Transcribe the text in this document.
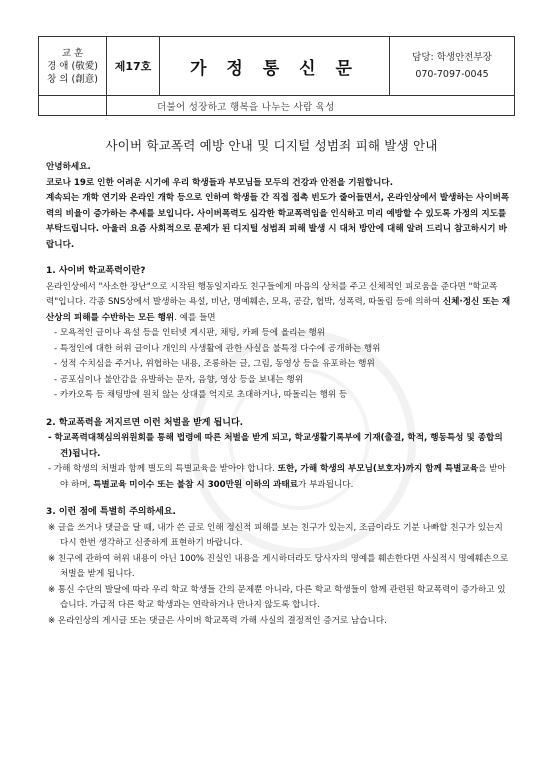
교 훈
경 애 (敬愛)
창 의 (創意)
제17호	가 정 통 신 문
담당: 학생안전부장
070-7097-0045
더불어 성장하고 행복을 나누는 사람 육성
사이버 학교폭력 예방 안내 및 디지털 성범죄 피해 발생 안내

안녕하세요.

코로나 19로 인한 어려운 시기에 우리 학생들과 부모님들 모두의 건강과 안전을 기원합니다.

계속되는 개학 연기와 온라인 개학 등으로 인하여 학생들 간 직접 접촉 빈도가 줄어들면서, 온라인상에서 발생하는 사이버폭력의 비율이 증가하는 추세를 보입니다. 사이버폭력도 심각한 학교폭력임을 인식하고 미리 예방할 수 있도록 가정의 지도를 부탁드립니다. 아울러 요즘 사회적으로 문제가 된 디지털 성범죄 피해 발생 시 대처 방안에 대해 알려 드리니 참고하시기 바랍니다.

1. 사이버 학교폭력이란?

온라인상에서 "사소한 장난"으로 시작된 행동일지라도 친구들에게 마음의 상처를 주고 신체적인 피로움을 준다면 "학교폭력"입니다. 각종 SNS상에서 발생하는 욕설, 비난, 명예훼손, 모욕, 공갈, 협박, 성폭력, 따돌림 등에 의하여 신체·정신 또는 재산상의 피해를 수반하는 모든 행위. 예를 들면

- 모욕적인 글이나 욕설 등을 인터넷 게시판, 채팅, 카페 등에 올리는 행위

- 특정인에 대한 허위 글이나 개인의 사생활에 관한 사실을 불특정 다수에 공개하는 행위

- 성적 수치심을 주거나, 위협하는 내용, 조롱하는 글, 그림, 동영상 등을 유포하는 행위

- 공포심이나 불안감을 유발하는 문자, 음향, 영상 등을 보내는 행위

- 카카오톡 등 채팅방에 원치 않는 상대를 억지로 초대하거나, 따돌리는 행위 등

2. 학교폭력을 저지르면 이런 처벌을 받게 됩니다.

- 학교폭력대책심의위원회를 통해 법령에 따른 처벌을 받게 되고, 학교생활기록부에 기재(출결, 학적, 행동특성 및 종합의견)됩니다.

- 가해 학생의 처벌과 함께 별도의 특별교육을 받아야 합니다. 또한, 가해 학생의 부모님(보호자)까지 함께 특별교육을 받아야 하며, 특별교육 미이수 또는 불참 시 300만원 이하의 과태료가 부과됩니다.

3. 이런 점에 특별히 주의하세요.

※ 글을 쓰거나 댓글을 달 때, 내가 쓴 글로 인해 정신적 피해를 보는 친구가 있는지, 조금이라도 기분 나빠할 친구가 있는지 다시 한번 생각하고 신중하게 표현하기 바랍니다.

※ 친구에 관하여 허위 내용이 아닌 100% 진실인 내용을 게시하더라도 당사자의 명예를 훼손한다면 사실적시 명예훼손으로 처벌을 받게 됩니다.

※ 통신 수단의 발달에 따라 우리 학교 학생들 간의 문제뿐 아니라, 다른 학교 학생들이 함께 관련된 학교폭력이 증가하고 있습니다. 가급적 다른 학교 학생과는 연락하거나 만나지 않도록 합니다.

※ 온라인상의 게시글 또는 댓글은 사이버 학교폭력 가해 사실의 결정적인 증거로 남습니다.
